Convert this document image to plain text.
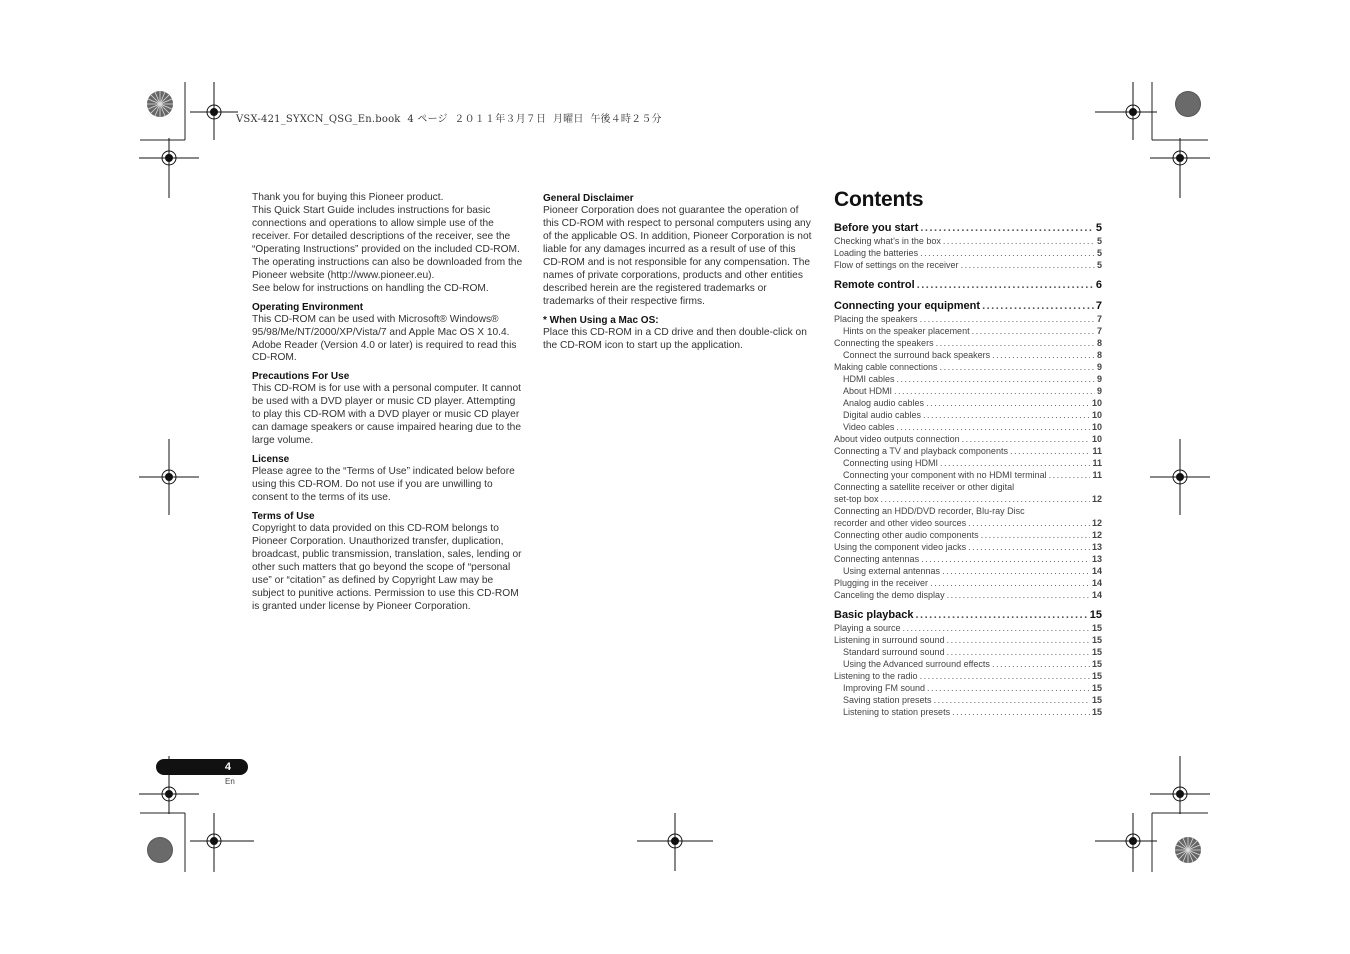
VSX-421_SYXCN_QSG_En.book  4 ページ  ２０１１年３月７日  月曜日  午後４時２５分

Thank you for buying this Pioneer product.

This Quick Start Guide includes instructions for basic connections and operations to allow simple use of the receiver. For detailed descriptions of the receiver, see the “Operating Instructions” provided on the included CD-ROM. The operating instructions can also be downloaded from the Pioneer website (http://www.pioneer.eu).

See below for instructions on handling the CD-ROM.

Operating Environment

This CD-ROM can be used with Microsoft® Windows® 95/98/Me/NT/2000/XP/Vista/7 and Apple Mac OS X 10.4. Adobe Reader (Version 4.0 or later) is required to read this CD-ROM.

Precautions For Use

This CD-ROM is for use with a personal computer. It cannot be used with a DVD player or music CD player. Attempting to play this CD-ROM with a DVD player or music CD player can damage speakers or cause impaired hearing due to the large volume.

License

Please agree to the “Terms of Use” indicated below before using this CD-ROM. Do not use if you are unwilling to consent to the terms of its use.

Terms of Use

Copyright to data provided on this CD-ROM belongs to Pioneer Corporation. Unauthorized transfer, duplication, broadcast, public transmission, translation, sales, lending or other such matters that go beyond the scope of “personal use” or “citation” as defined by Copyright Law may be subject to punitive actions. Permission to use this CD-ROM is granted under license by Pioneer Corporation.

General Disclaimer

Pioneer Corporation does not guarantee the operation of this CD-ROM with respect to personal computers using any of the applicable OS. In addition, Pioneer Corporation is not liable for any damages incurred as a result of use of this CD-ROM and is not responsible for any compensation. The names of private corporations, products and other entities described herein are the registered trademarks or trademarks of their respective firms.

* When Using a Mac OS:

Place this CD-ROM in a CD drive and then double-click on the CD-ROM icon to start up the application.

Contents
Before you start .....	5
Checking what’s in the box .....	5
Loading the batteries .....	5
Flow of settings on the receiver .....	5
Remote control .....	6
Connecting your equipment .....	7
Placing the speakers .....	7
Hints on the speaker placement .....	7
Connecting the speakers .....	8
Connect the surround back speakers .....	8
Making cable connections .....	9
HDMI cables .....	9
About HDMI .....	9
Analog audio cables .....	10
Digital audio cables .....	10
Video cables .....	10
About video outputs connection .....	10
Connecting a TV and playback components .....	11
Connecting using HDMI .....	11
Connecting your component with no HDMI terminal .....	11
Connecting a satellite receiver or other digital
set-top box .....	12
Connecting an HDD/DVD recorder, Blu-ray Disc
recorder and other video sources .....	12
Connecting other audio components .....	12
Using the component video jacks .....	13
Connecting antennas .....	13
Using external antennas .....	14
Plugging in the receiver .....	14
Canceling the demo display .....	14
Basic playback .....	15
Playing a source .....	15
Listening in surround sound .....	15
Standard surround sound .....	15
Using the Advanced surround effects .....	15
Listening to the radio .....	15
Improving FM sound .....	15
Saving station presets .....	15
Listening to station presets .....	15
4
En
